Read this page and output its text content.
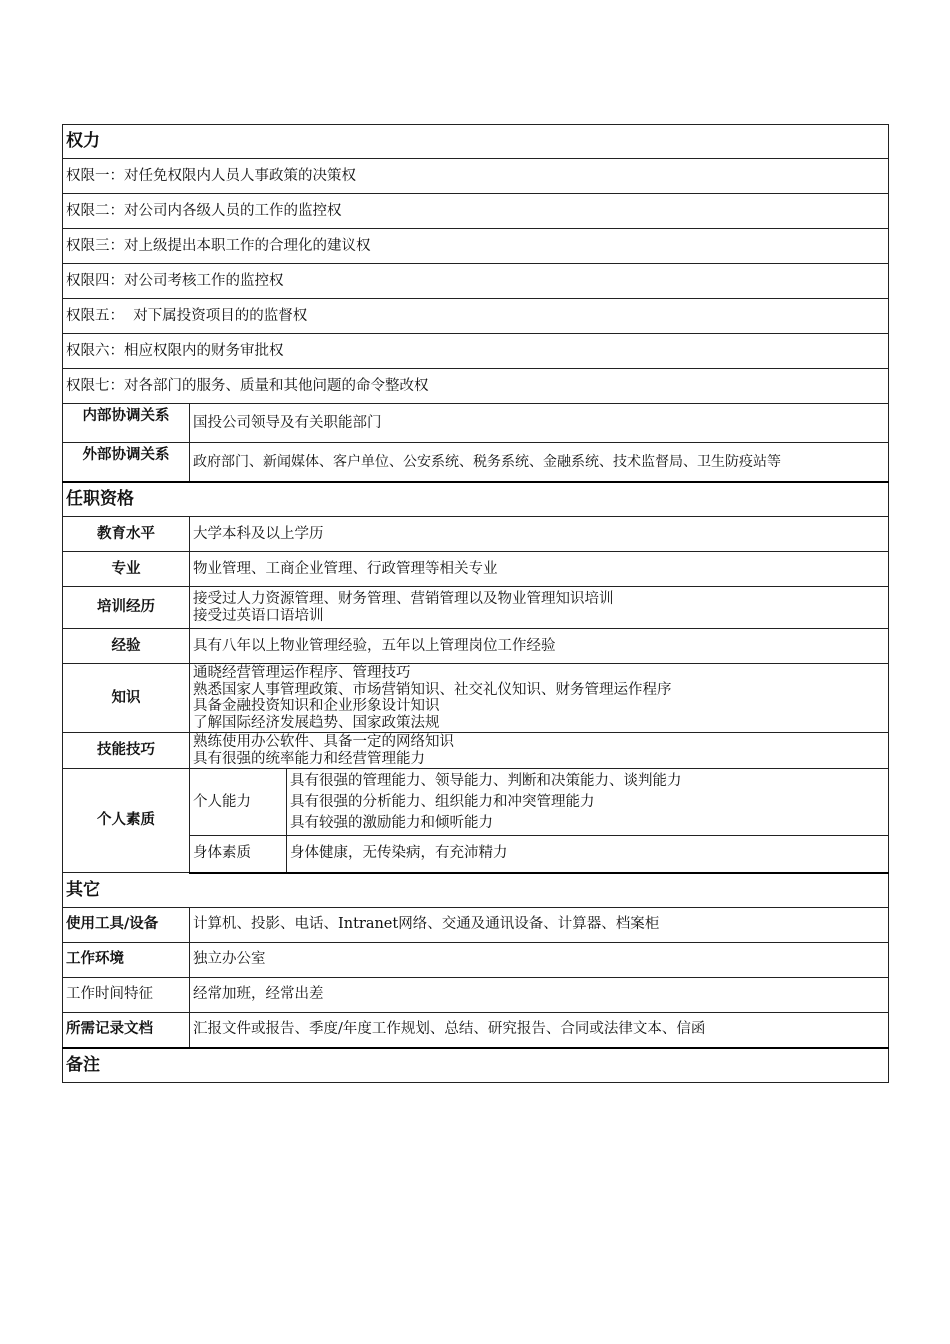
权力		
权限一：对任免权限内人员人事政策的决策权		
权限二：对公司内各级人员的工作的监控权		
权限三：对上级提出本职工作的合理化的建议权		
权限四：对公司考核工作的监控权		
权限五：  对下属投资项目的的监督权		
权限六：相应权限内的财务审批权		
权限七：对各部门的服务、质量和其他问题的命令整改权		
内部协调关系	国投公司领导及有关职能部门	
外部协调关系	政府部门、新闻媒体、客户单位、公安系统、税务系统、金融系统、技术监督局、卫生防疫站等	
任职资格		
教育水平	大学本科及以上学历	
专业	物业管理、工商企业管理、行政管理等相关专业	
培训经历	接受过人力资源管理、财务管理、营销管理以及物业管理知识培训
接受过英语口语培训	

经验	具有八年以上物业管理经验，五年以上管理岗位工作经验	
知识	通晓经营管理运作程序、管理技巧
熟悉国家人事管理政策、市场营销知识、社交礼仪知识、财务管理运作程序
具备金融投资知识和企业形象设计知识
了解国际经济发展趋势、国家政策法规	

技能技巧	熟练使用办公软件、具备一定的网络知识
具有很强的统率能力和经营管理能力	

个人素质	个人能力	具有很强的管理能力、领导能力、判断和决策能力、谈判能力
具有很强的分析能力、组织能力和冲突管理能力
具有较强的激励能力和倾听能力

	身体素质	身体健康，无传染病，有充沛精力
其它		
使用工具/设备	计算机、投影、电话、Intranet网络、交通及通讯设备、计算器、档案柜	
工作环境	独立办公室	
工作时间特征	经常加班，经常出差	
所需记录文档	汇报文件或报告、季度/年度工作规划、总结、研究报告、合同或法律文本、信函	
备注		
